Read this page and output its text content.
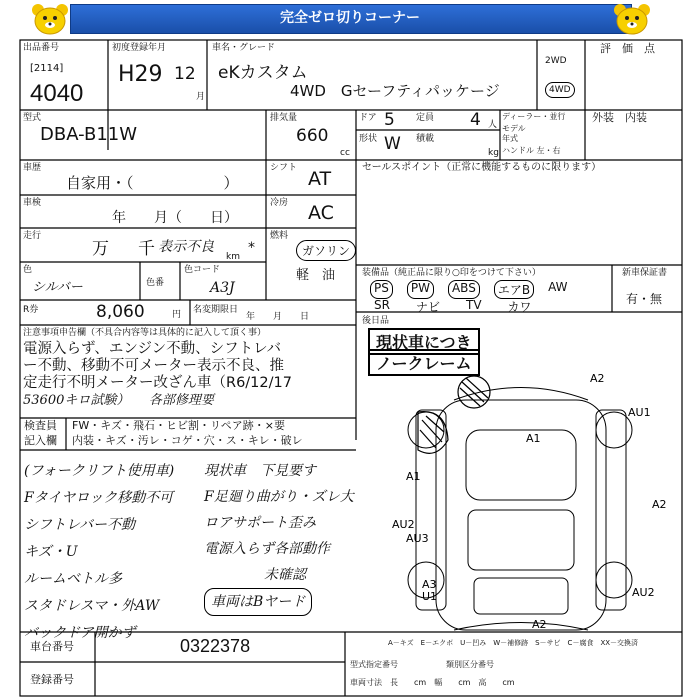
完全ゼロ切りコーナー
出品番号
[2114]
4040
初度登録年月
H29 12
月
車名・グレード
eKカスタム
4WD　Gセーフティパッケージ
2WD
4WD
評　価　点
型式
DBA-B11W
排気量
660
cc
ドア 5 定員 4 人
形状 W 積載
kg
ディーラー・並行
モデル年式
ハンドル 左・右
外装　内装
車歴
自家用・（　　　　　　）
シフト AT
車検
年　　月（　　日）
冷房 AC
走行
万 千 表示不良
km
*
燃料
ガソリン
軽　油
色
シルバー	色番
色コード
A3J
R券	8,060	円 名変期限日
年　　月　　日
セールスポイント（正常に機能するものに限ります）
装備品（純正品に限り○印をつけて下さい）
PS	PW	ABS	エアB	AW
SR ナビ TV カワ
新車保証書
有・無
後日品
現状車につき
ノークレーム
注意事項申告欄（不具合内容等は具体的に記入して頂く事）
電源入らず、エンジン不動、シフトレバ
ー不動、移動不可メーター表示不良、推
定走行不明メーター改ざん車（R6/12/17
53600キロ試験）　　各部修理要
検査員
記入欄
FW・キズ・飛石・ヒビ割・リペア跡・×要
内装・キズ・汚レ・コゲ・穴・ス・キレ・破レ
(フォークリフト使用車)
Fタイヤロック移動不可
シフトレバー不動
キズ・U
ルームベトル多
スタドレスマ・外AW
バックドア開かず
現状車　下見要す
F足廻り曲がり・ズレ大
ロアサポート歪み
電源入らず各部動作
未確認
車両はBヤード
A2
AU1
A1
A1
A2
AU2
AU3
A3
U1	AU2
A2
A－キズ　E－エクボ　U－凹み　W－補修跡　S－サビ　C－腐食　XX－交換済
型式指定番号　　　　　　類別区分番号
車両寸法　長　　cm　幅　　cm　高　　cm
車台番号	0322378
登録番号
